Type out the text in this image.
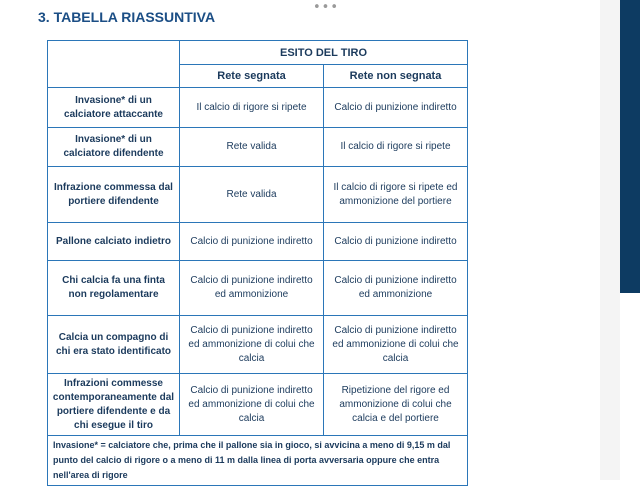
•••
3. TABELLA RIASSUNTIVA
	ESITO DEL TIRO	
	Rete segnata	Rete non segnata
Invasione* di un calciatore attaccante	Il calcio di rigore si ripete	Calcio di punizione indiretto
Invasione* di un calciatore difendente	Rete valida	Il calcio di rigore si ripete
Infrazione commessa dal portiere difendente	Rete valida	Il calcio di rigore si ripete ed ammonizione del portiere
Pallone calciato indietro	Calcio di punizione indiretto	Calcio di punizione indiretto
Chi calcia fa una finta non regolamentare	Calcio di punizione indiretto ed ammonizione	Calcio di punizione indiretto ed ammonizione
Calcia un compagno di chi era stato identificato	Calcio di punizione indiretto ed ammonizione di colui che calcia	Calcio di punizione indiretto ed ammonizione di colui che calcia
Infrazioni commesse contemporaneamente dal portiere difendente e da chi esegue il tiro	Calcio di punizione indiretto ed ammonizione di colui che calcia	Ripetizione del rigore ed ammonizione di colui che calcia e del portiere
Invasione* = calciatore che, prima che il pallone sia in gioco, si avvicina a meno di 9,15 m dal punto del calcio di rigore o a meno di 11 m dalla linea di porta avversaria oppure che entra nell'area di rigore		
